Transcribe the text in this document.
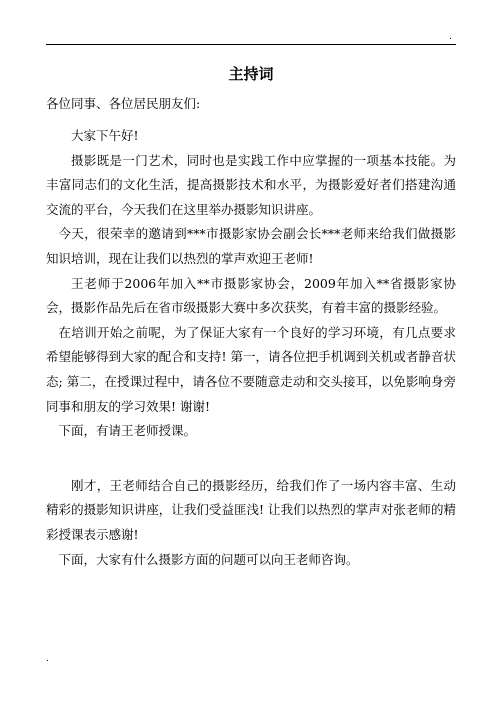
.
主持词
各位同事、各位居民朋友们:

大家下午好!

摄影既是一门艺术，同时也是实践工作中应掌握的一项基本技能。为丰富同志们的文化生活，提高摄影技术和水平，为摄影爱好者们搭建沟通交流的平台，今天我们在这里举办摄影知识讲座。

今天，很荣幸的邀请到***市摄影家协会副会长***老师来给我们做摄影知识培训，现在让我们以热烈的掌声欢迎王老师!

王老师于2006年加入**市摄影家协会，2009年加入**省摄影家协会，摄影作品先后在省市级摄影大赛中多次获奖，有着丰富的摄影经验。

在培训开始之前呢，为了保证大家有一个良好的学习环境，有几点要求希望能够得到大家的配合和支持! 第一，请各位把手机调到关机或者静音状态; 第二，在授课过程中，请各位不要随意走动和交头接耳，以免影响身旁同事和朋友的学习效果! 谢谢!

下面，有请王老师授课。

刚才，王老师结合自己的摄影经历，给我们作了一场内容丰富、生动精彩的摄影知识讲座，让我们受益匪浅! 让我们以热烈的掌声对张老师的精彩授课表示感谢!

下面，大家有什么摄影方面的问题可以向王老师咨询。

.
